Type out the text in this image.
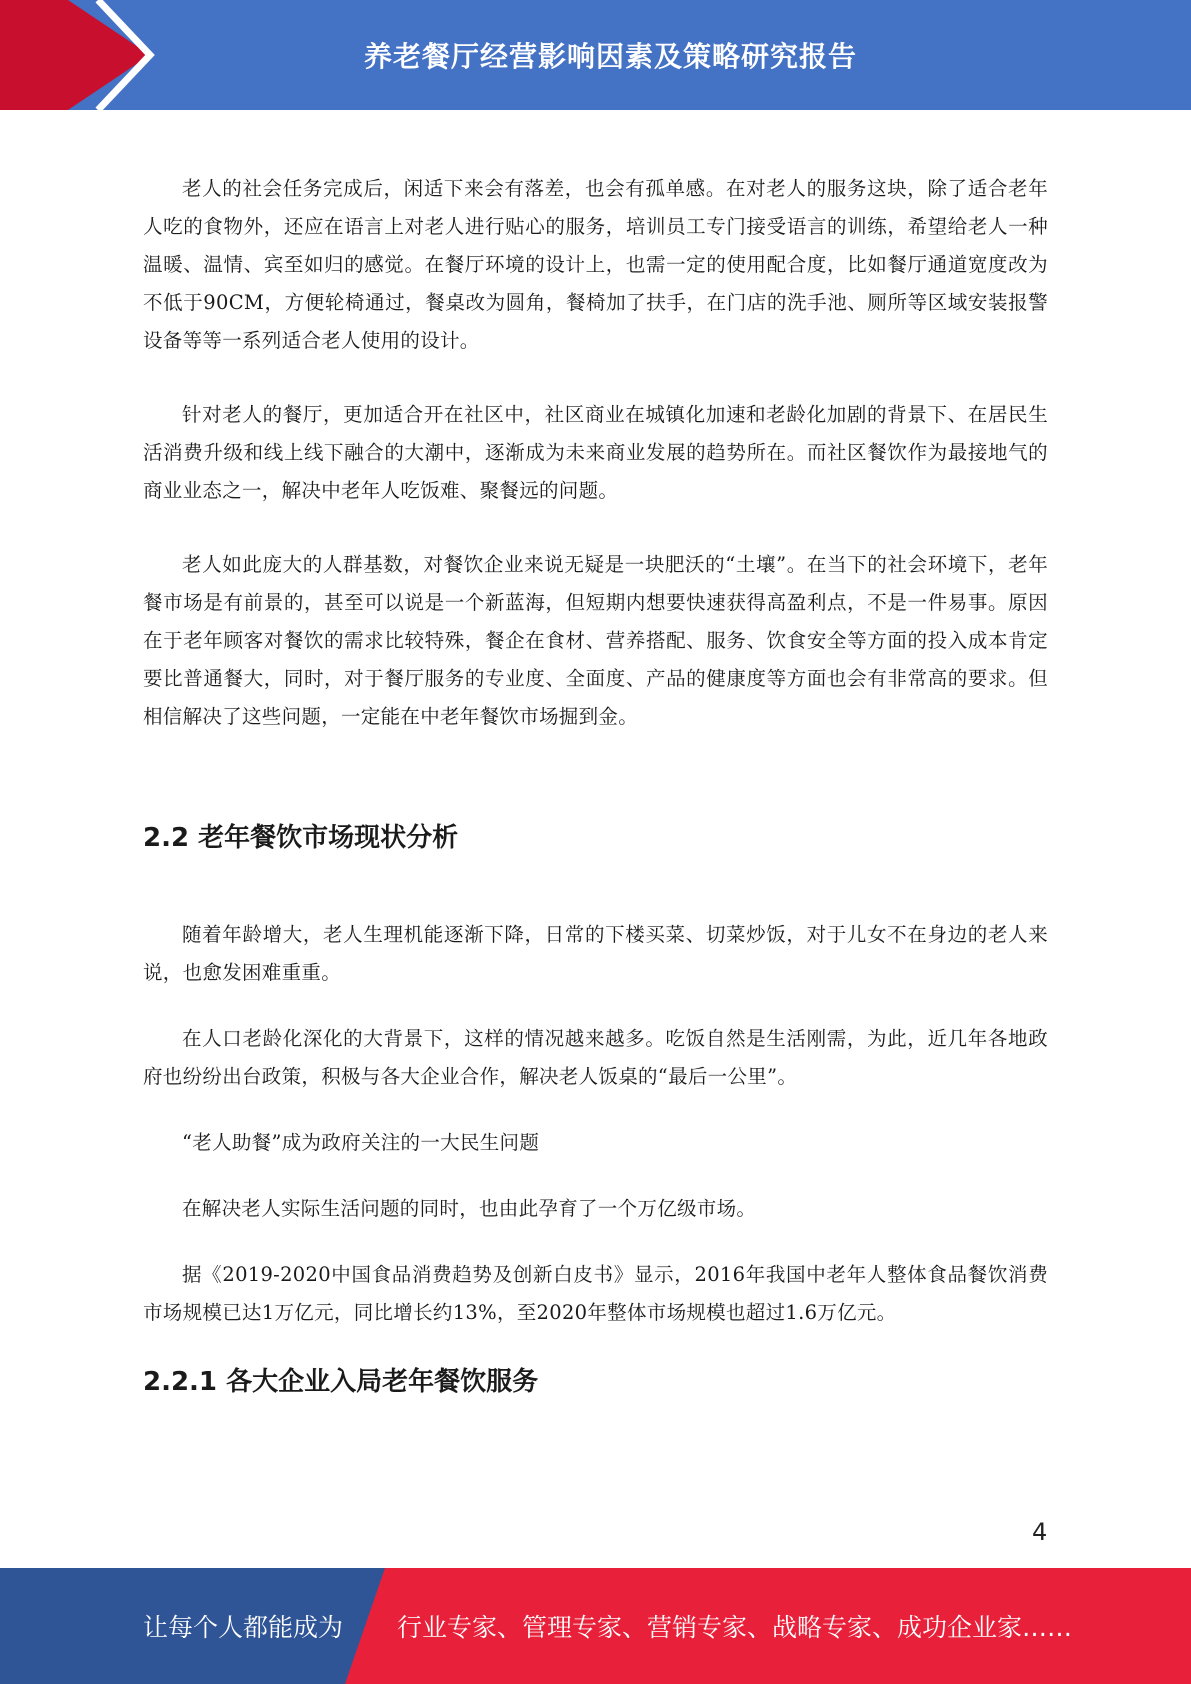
养老餐厅经营影响因素及策略研究报告

老人的社会任务完成后，闲适下来会有落差，也会有孤单感。在对老人的服务这块，除了适合老年人吃的食物外，还应在语言上对老人进行贴心的服务，培训员工专门接受语言的训练，希望给老人一种温暖、温情、宾至如归的感觉。在餐厅环境的设计上，也需一定的使用配合度，比如餐厅通道宽度改为不低于90CM，方便轮椅通过，餐桌改为圆角，餐椅加了扶手，在门店的洗手池、厕所等区域安装报警设备等等一系列适合老人使用的设计。

针对老人的餐厅，更加适合开在社区中，社区商业在城镇化加速和老龄化加剧的背景下、在居民生活消费升级和线上线下融合的大潮中，逐渐成为未来商业发展的趋势所在。而社区餐饮作为最接地气的商业业态之一，解决中老年人吃饭难、聚餐远的问题。

老人如此庞大的人群基数，对餐饮企业来说无疑是一块肥沃的“土壤”。在当下的社会环境下，老年餐市场是有前景的，甚至可以说是一个新蓝海，但短期内想要快速获得高盈利点，不是一件易事。原因在于老年顾客对餐饮的需求比较特殊，餐企在食材、营养搭配、服务、饮食安全等方面的投入成本肯定要比普通餐大，同时，对于餐厅服务的专业度、全面度、产品的健康度等方面也会有非常高的要求。但相信解决了这些问题，一定能在中老年餐饮市场掘到金。

2.2 老年餐饮市场现状分析

随着年龄增大，老人生理机能逐渐下降，日常的下楼买菜、切菜炒饭，对于儿女不在身边的老人来说，也愈发困难重重。

在人口老龄化深化的大背景下，这样的情况越来越多。吃饭自然是生活刚需，为此，近几年各地政府也纷纷出台政策，积极与各大企业合作，解决老人饭桌的“最后一公里”。

“老人助餐”成为政府关注的一大民生问题

在解决老人实际生活问题的同时，也由此孕育了一个万亿级市场。

据《2019-2020中国食品消费趋势及创新白皮书》显示，2016年我国中老年人整体食品餐饮消费市场规模已达1万亿元，同比增长约13%，至2020年整体市场规模也超过1.6万亿元。

2.2.1 各大企业入局老年餐饮服务
4
让每个人都能成为 行业专家、管理专家、营销专家、战略专家、成功企业家……
